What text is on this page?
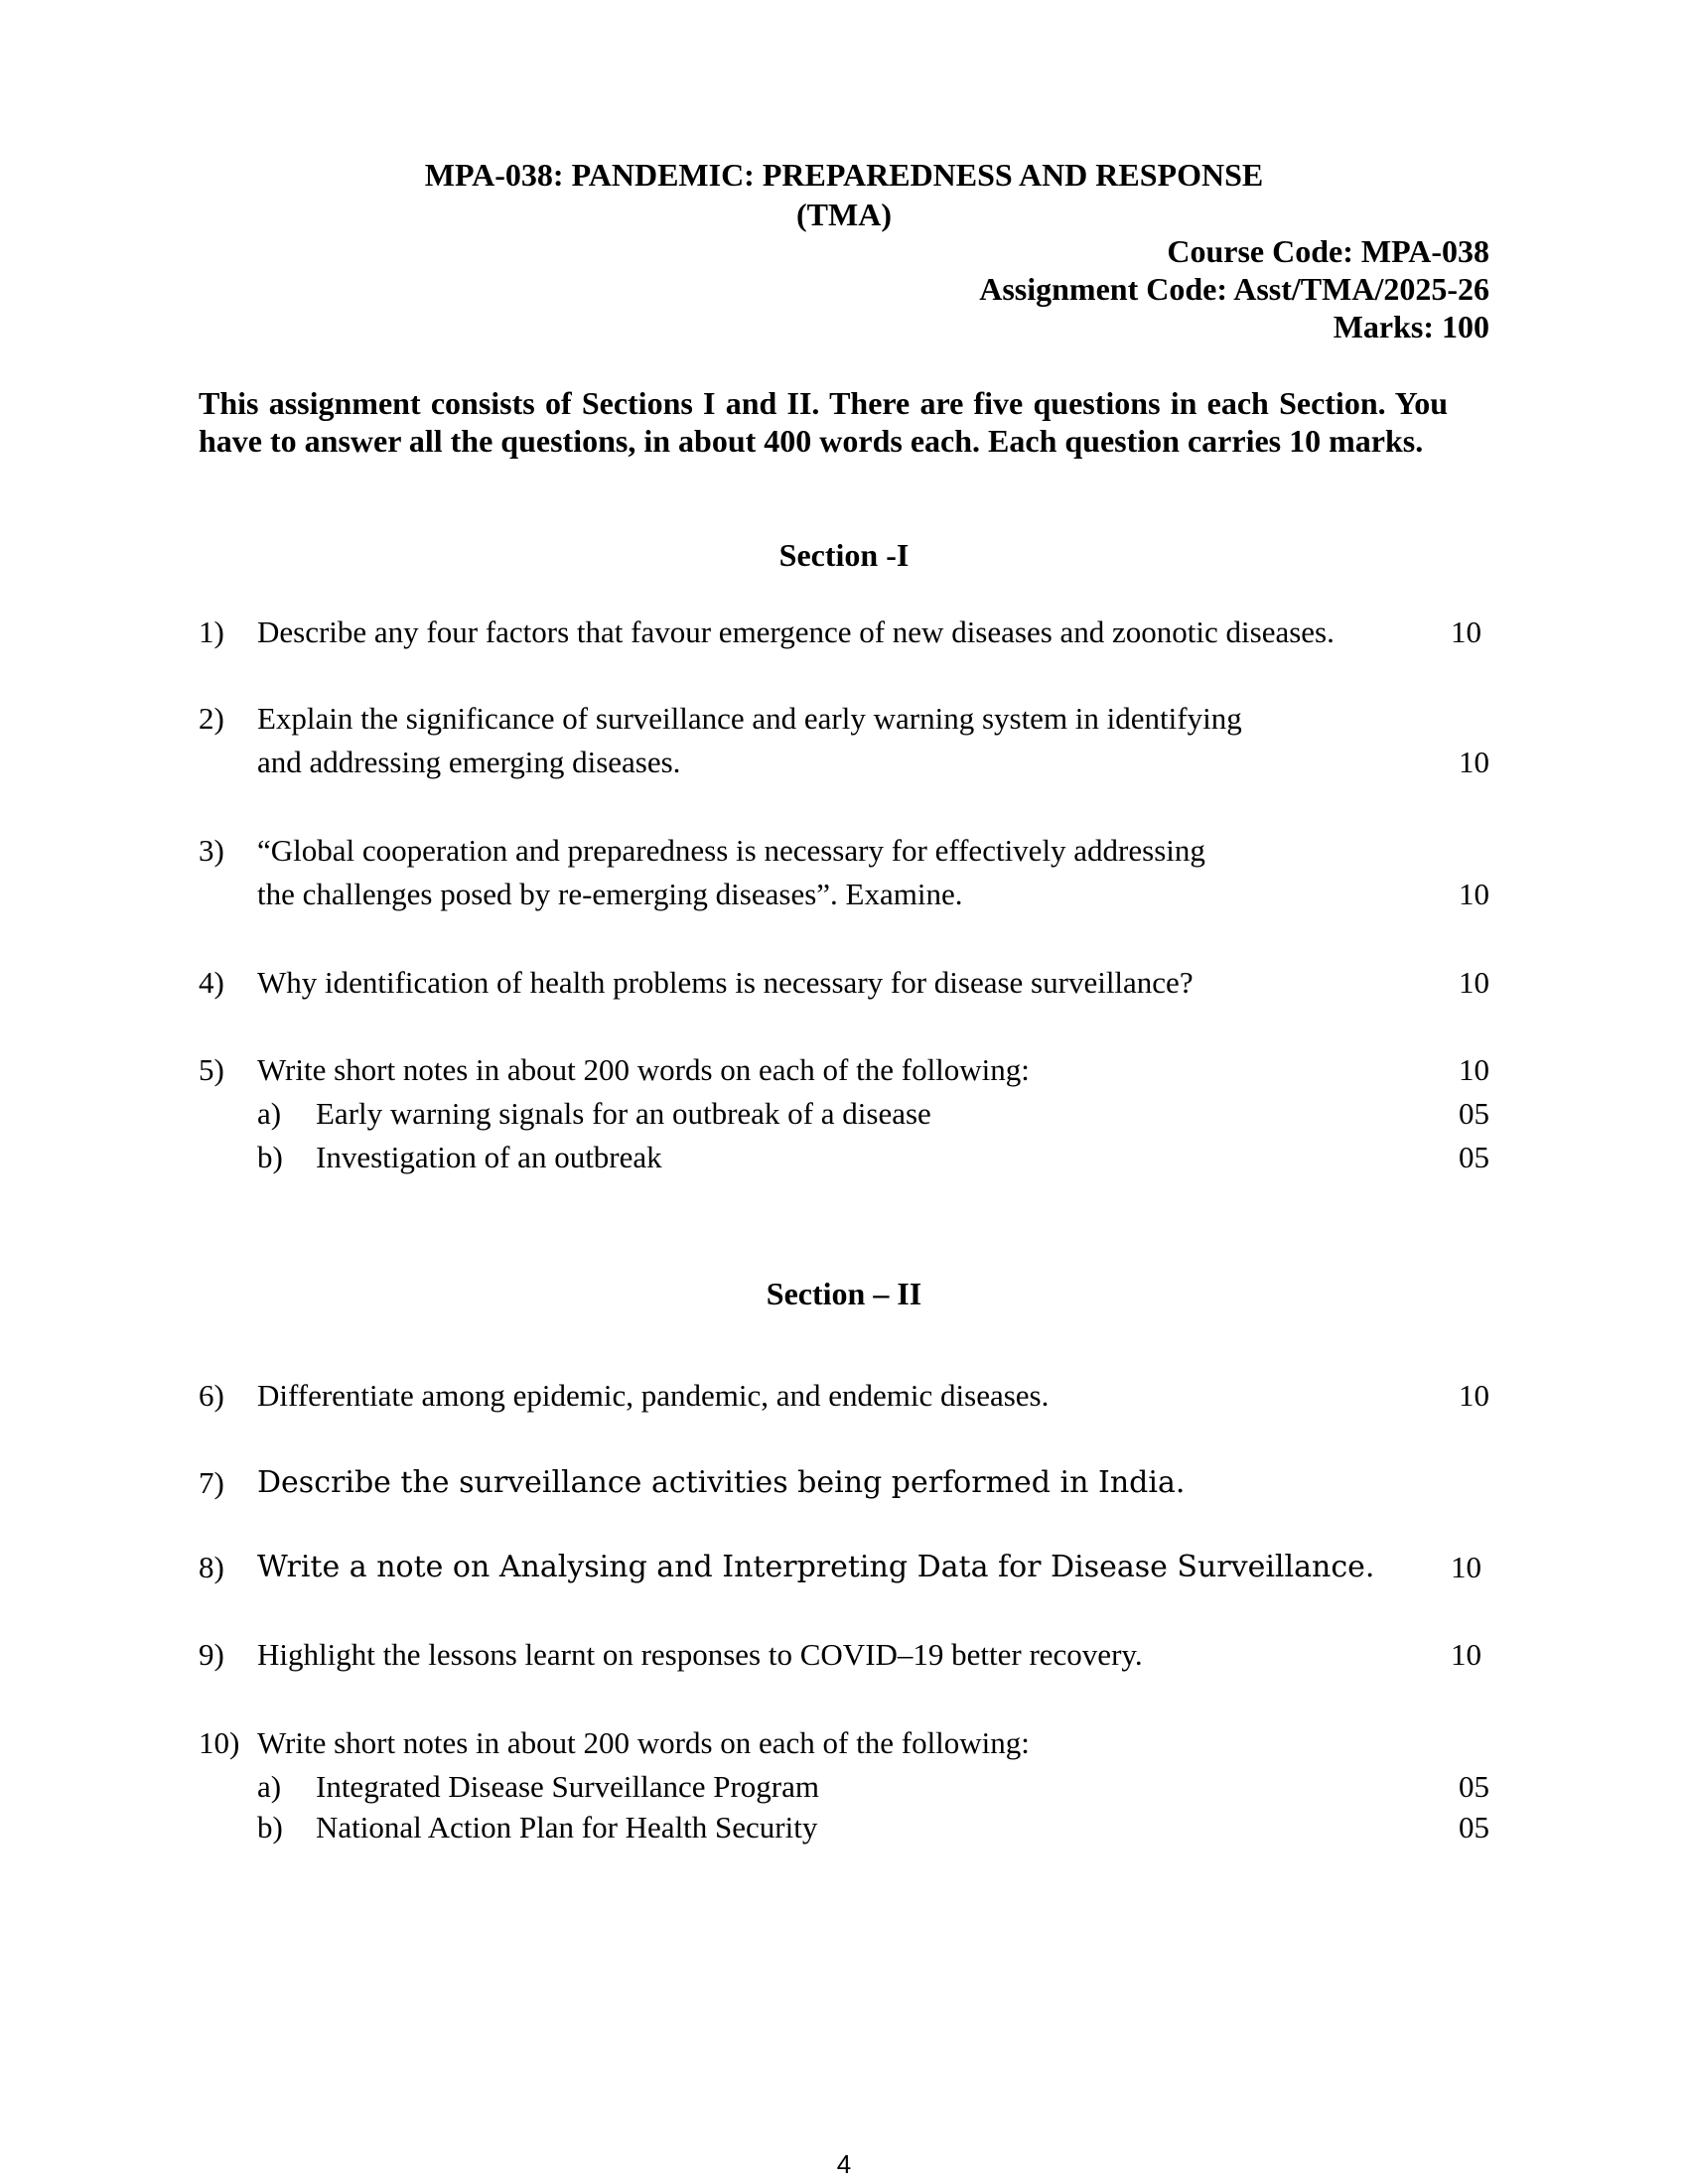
MPA-038: PANDEMIC: PREPAREDNESS AND RESPONSE
(TMA)
Course Code: MPA-038
Assignment Code: Asst/TMA/2025-26
Marks: 100
This assignment consists of Sections I and II. There are five questions in each Section. You have to answer all the questions, in about 400 words each. Each question carries 10 marks.
Section -I
1) Describe any four factors that favour emergence of new diseases and zoonotic diseases.	10
2) Explain the significance of surveillance and early warning system in identifying
and addressing emerging diseases.	10
3) “Global cooperation and preparedness is necessary for effectively addressing
the challenges posed by re-emerging diseases”. Examine.	10
4) Why identification of health problems is necessary for disease surveillance?	10
5) Write short notes in about 200 words on each of the following:	10
a) Early warning signals for an outbreak of a disease	05
b) Investigation of an outbreak	05
Section – II
6) Differentiate among epidemic, pandemic, and endemic diseases.	10
7) Describe the surveillance activities being performed in India.
8) Write a note on Analysing and Interpreting Data for Disease Surveillance. 10
9) Highlight the lessons learnt on responses to COVID–19 better recovery.	10
10) Write short notes in about 200 words on each of the following:
a) Integrated Disease Surveillance Program	05
b) National Action Plan for Health Security	05
4
